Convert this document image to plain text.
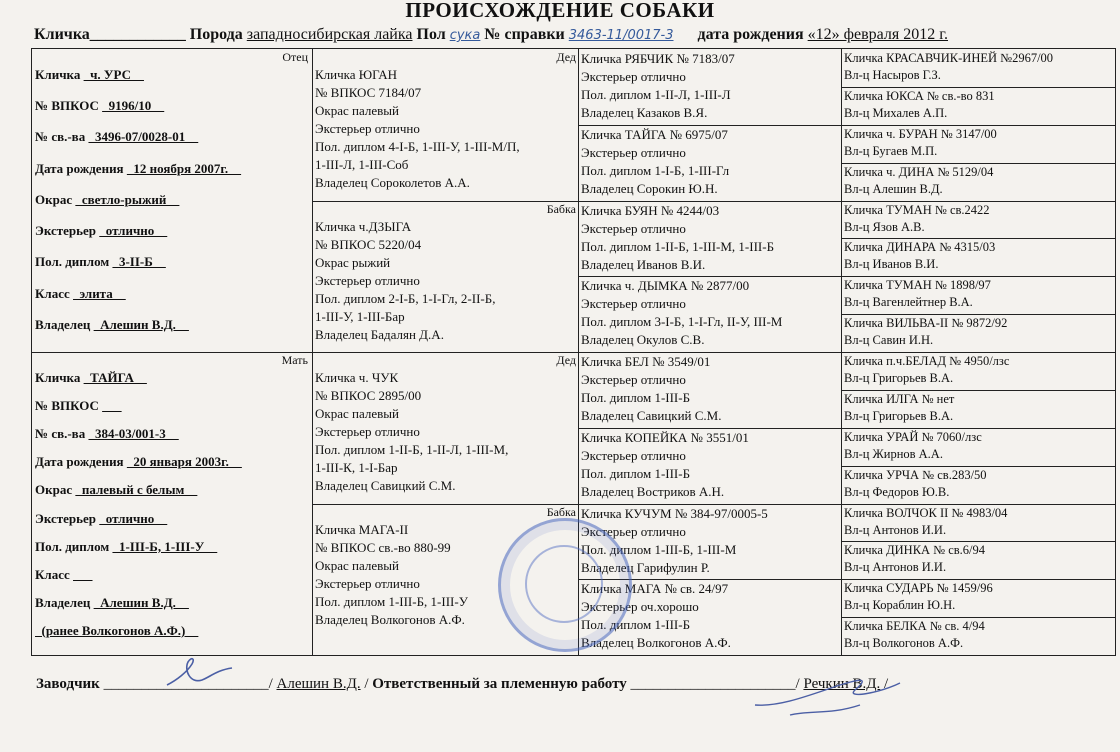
ПРОИСХОЖДЕНИЕ СОБАКИ
Кличка____________ Порода западносибирская лайка Пол сука № справки 3463-11/0017-3 дата рождения «12» февраля 2012 г.
Отец
Кличка   ч. УРС
№ ВПКОС   9196/10
№ св.-ва   3496-07/0028-01
Дата рождения   12 ноября 2007г.
Окрас   светло-рыжий
Экстерьер   отлично
Пол. диплом   3-II-Б
Класс   элита
Владелец   Алешин В.Д.
Мать
Кличка   ТАЙГА
№ ВПКОС
№ св.-ва   384-03/001-3
Дата рождения   20 января 2003г.
Окрас   палевый с белым
Экстерьер   отлично
Пол. диплом   1-III-Б, 1-III-У
Класс
Владелец   Алешин В.Д.
(ранее Волкогонов А.Ф.)
Кличка ЮГАН
№ ВПКОС 7184/07
Окрас палевый
Экстерьер отлично
Пол. диплом 4-I-Б, 1-III-У, 1-III-М/П,
1-III-Л, 1-III-Соб
Владелец Сороколетов А.А.
Кличка ч.ДЗЫГА
№ ВПКОС 5220/04
Окрас рыжий
Экстерьер отлично
Пол. диплом 2-I-Б, 1-I-Гл, 2-II-Б,
1-III-У, 1-III-Бар
Владелец Бадалян Д.А.
Кличка ч. ЧУК
№ ВПКОС 2895/00
Окрас палевый
Экстерьер отлично
Пол. диплом 1-II-Б, 1-II-Л, 1-III-М,
1-III-К, 1-I-Бар
Владелец Савицкий С.М.
Кличка МАГА-II
№ ВПКОС св.-во 880-99
Окрас палевый
Экстерьер отлично
Пол. диплом 1-III-Б, 1-III-У
Владелец Волкогонов А.Ф.
Дед Кличка РЯБЧИК № 7183/07
Экстерьер отлично
Пол. диплом 1-II-Л, 1-III-Л
Владелец Казаков В.Я.
Кличка ТАЙГА № 6975/07
Экстерьер отлично
Пол. диплом 1-I-Б, 1-III-Гл
Владелец Сорокин Ю.Н.
Бабка Кличка БУЯН № 4244/03
Экстерьер отлично
Пол. диплом 1-II-Б, 1-III-М, 1-III-Б
Владелец Иванов В.И.
Кличка ч. ДЫМКА № 2877/00
Экстерьер отлично
Пол. диплом 3-I-Б, 1-I-Гл, II-У, III-М
Владелец Окулов С.В.
Дед Кличка БЕЛ № 3549/01
Экстерьер отлично
Пол. диплом 1-III-Б
Владелец Савицкий С.М.
Кличка КОПЕЙКА № 3551/01
Экстерьер отлично
Пол. диплом 1-III-Б
Владелец Востриков А.Н.
Бабка Кличка КУЧУМ № 384-97/0005-5
Экстерьер отлично
Пол. диплом 1-III-Б, 1-III-М
Владелец Гарифулин Р.
Кличка МАГА № св. 24/97
Экстерьер оч.хорошо
Пол. диплом 1-III-Б
Владелец Волкогонов А.Ф.
Кличка КРАСАВЧИК-ИНЕЙ №2967/00
Вл-ц Насыров Г.З.
Кличка ЮКСА № св.-во 831
Вл-ц Михалев А.П.
Кличка ч. БУРАН № 3147/00
Вл-ц Бугаев М.П.
Кличка ч. ДИНА № 5129/04
Вл-ц Алешин В.Д.
Кличка ТУМАН № св.2422
Вл-ц Язов А.В.
Кличка ДИНАРА № 4315/03
Вл-ц Иванов В.И.
Кличка ТУМАН № 1898/97
Вл-ц Вагенлейтнер В.А.
Кличка ВИЛЬВА-II № 9872/92
Вл-ц Савин И.Н.
Кличка п.ч.БЕЛАД № 4950/лзс
Вл-ц Григорьев В.А.
Кличка ИЛГА № нет
Вл-ц Григорьев В.А.
Кличка УРАЙ № 7060/лзс
Вл-ц Жирнов А.А.
Кличка УРЧА № св.283/50
Вл-ц Федоров Ю.В.
Кличка ВОЛЧОК II № 4983/04
Вл-ц Антонов И.И.
Кличка ДИНКА № св.6/94
Вл-ц Антонов И.И.
Кличка СУДАРЬ № 1459/96
Вл-ц Кораблин Ю.Н.
Кличка БЕЛКА № св. 4/94
Вл-ц Волкогонов А.Ф.
Заводчик ______________________/ Алешин В.Д. / Ответственный за племенную работу ______________________/ Речкин В.Д. /
